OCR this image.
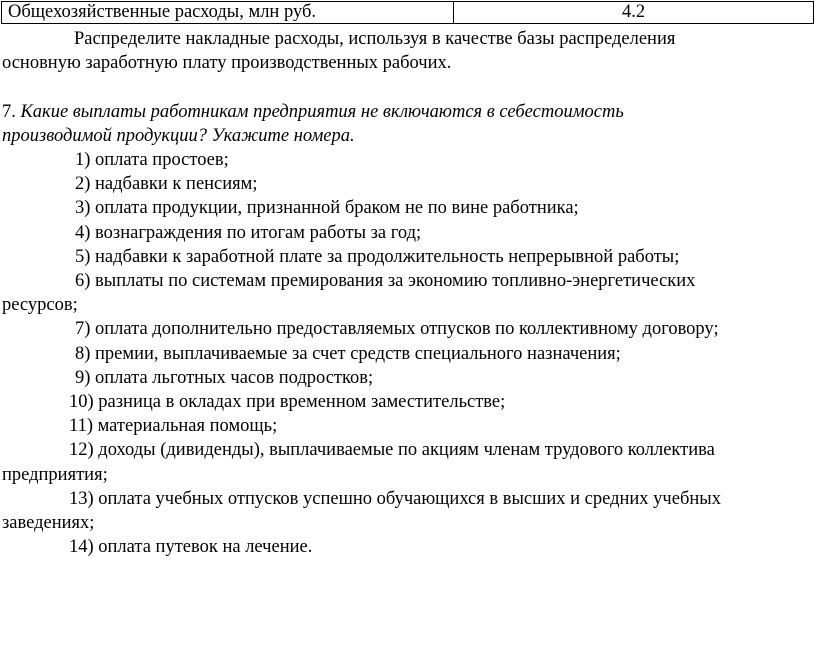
Общехозяйственные расходы, млн руб.	4.2

Распределите накладные расходы, используя в качестве базы распределения

основную заработную плату производственных рабочих.

7. Какие выплаты работникам предприятия не включаются в себестоимость

производимой продукции? Укажите номера.

1) оплата простоев;

2) надбавки к пенсиям;

3) оплата продукции, признанной браком не по вине работника;

4) вознаграждения по итогам работы за год;

5) надбавки к заработной плате за продолжительность непрерывной работы;

6) выплаты по системам премирования за экономию топливно-энергетических

ресурсов;

7) оплата дополнительно предоставляемых отпусков по коллективному договору;

8) премии, выплачиваемые за счет средств специального назначения;

9) оплата льготных часов подростков;

10) разница в окладах при временном заместительстве;

11) материальная помощь;

12) доходы (дивиденды), выплачиваемые по акциям членам трудового коллектива

предприятия;

13) оплата учебных отпусков успешно обучающихся в высших и средних учебных

заведениях;

14) оплата путевок на лечение.
